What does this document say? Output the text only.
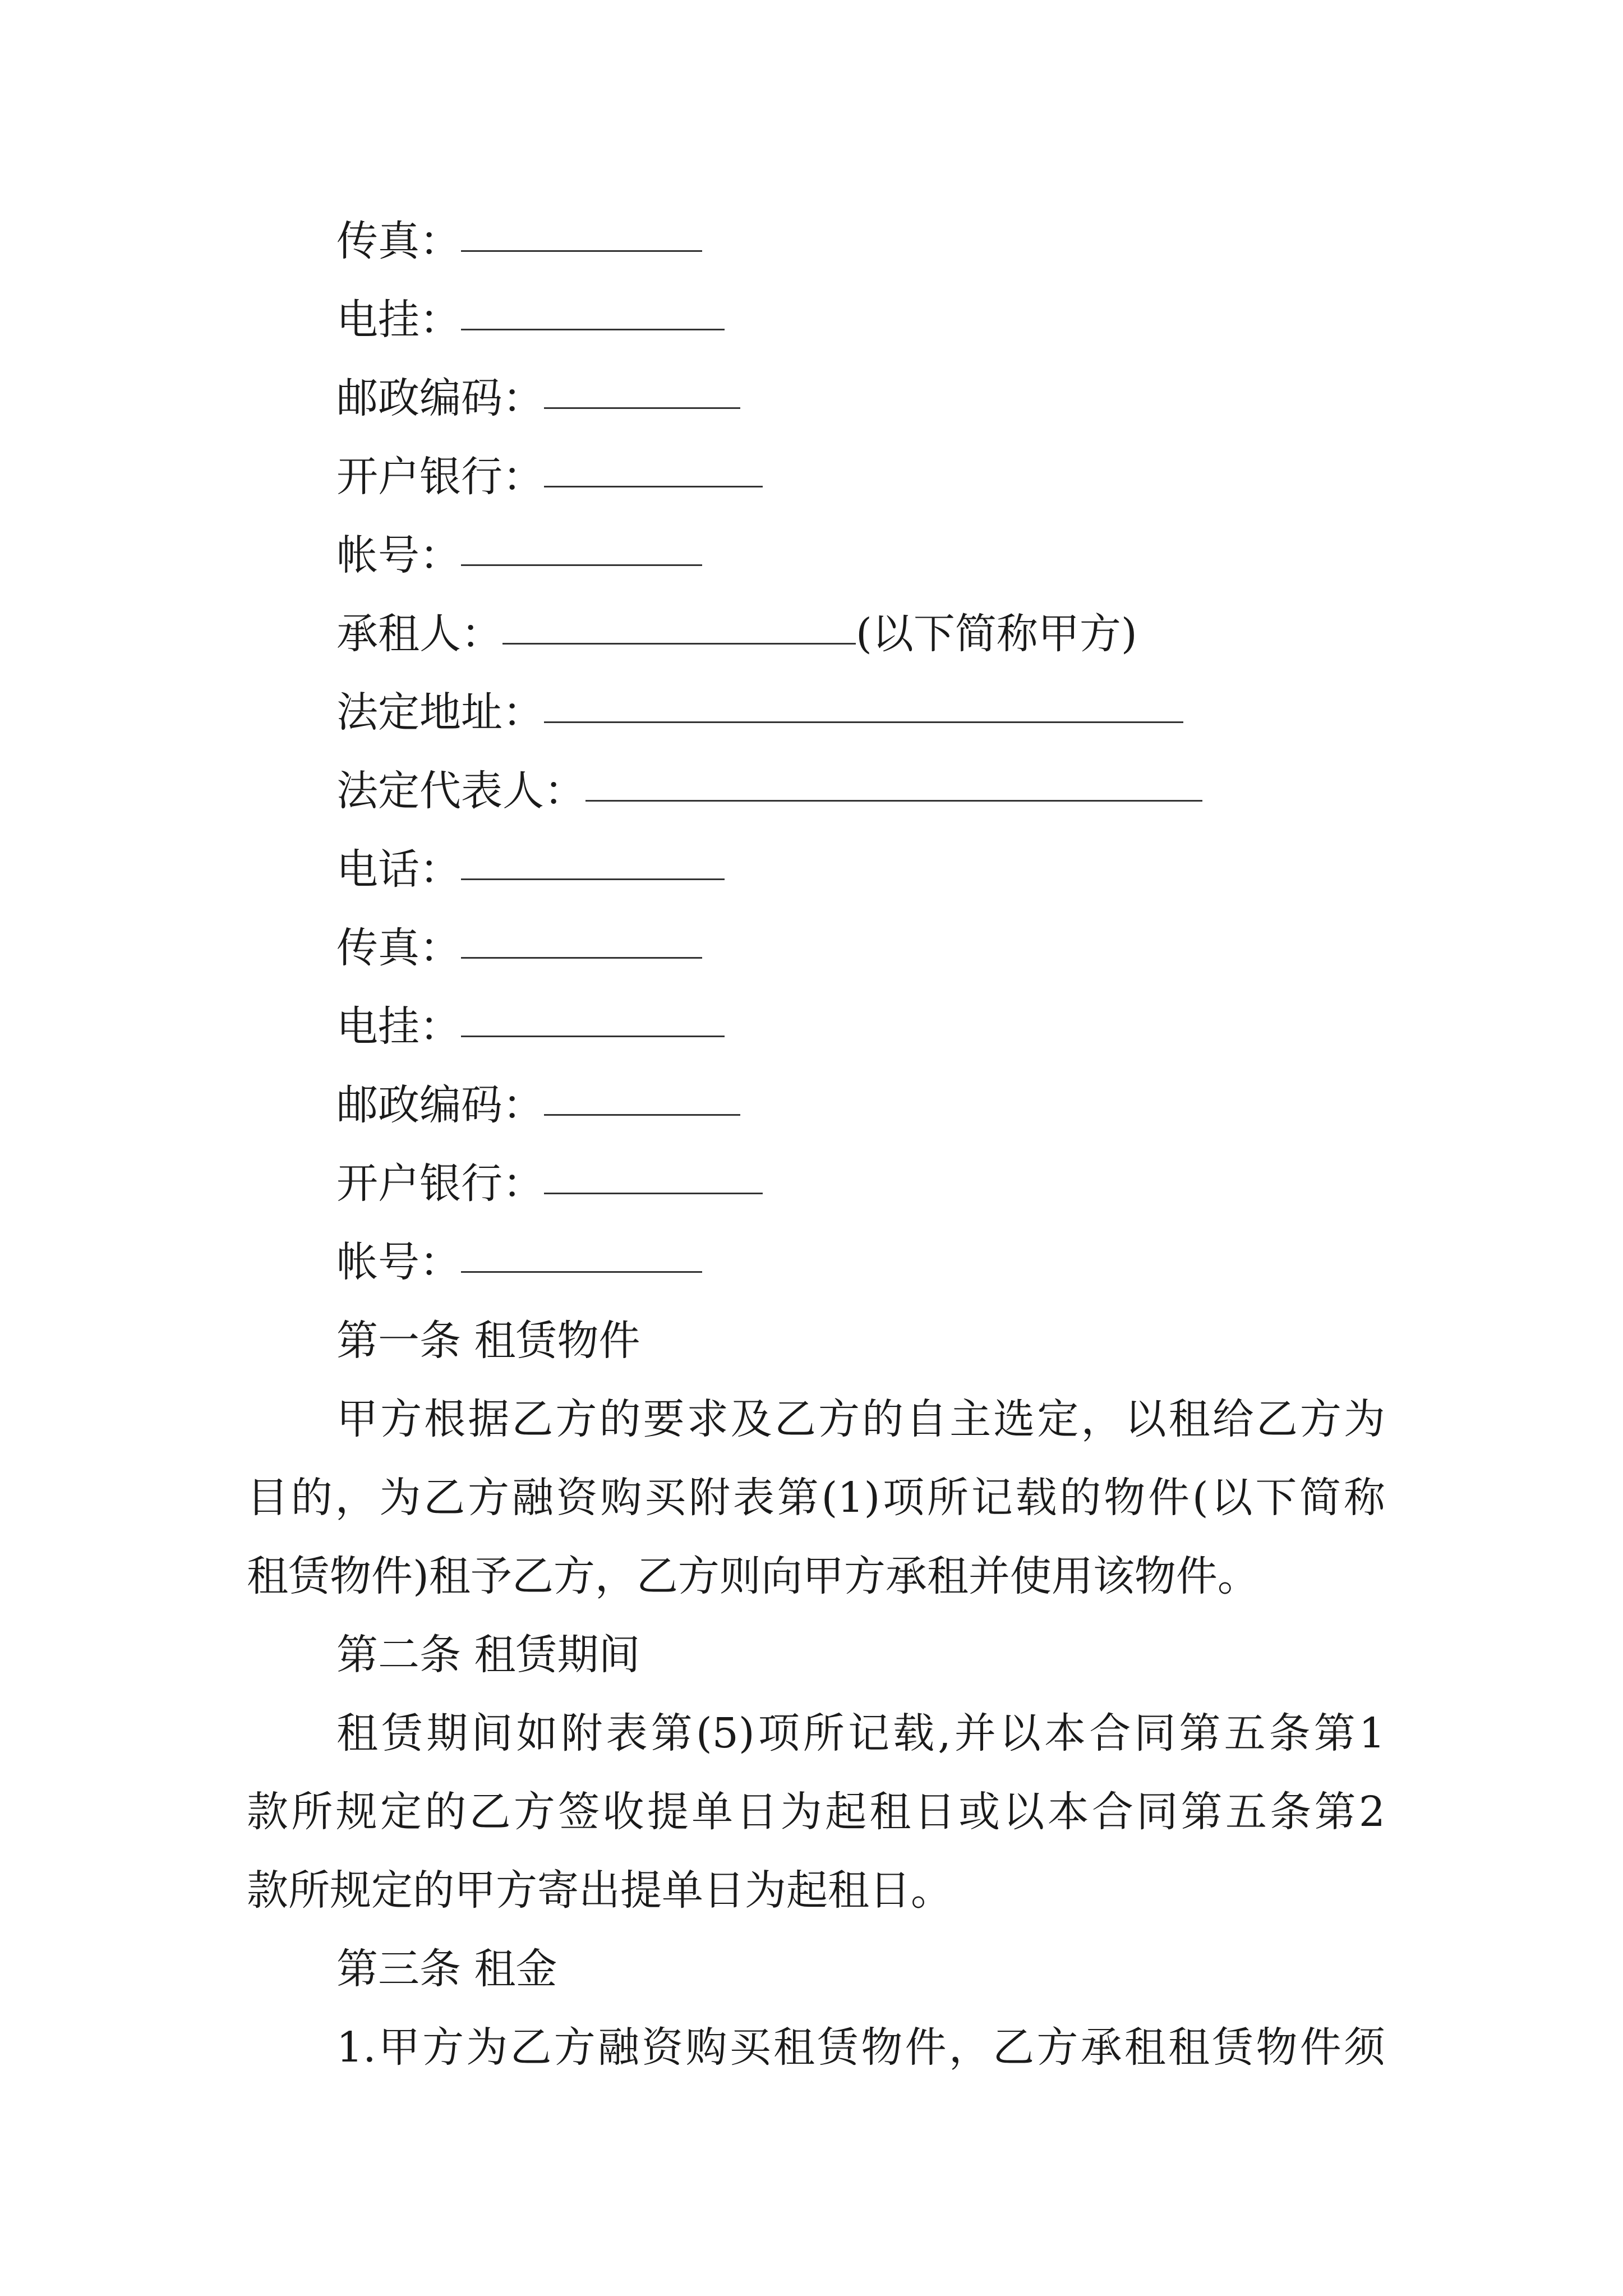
传真：
电挂：
邮政编码：
开户银行：
帐号：
承租人：	(以下简称甲方)
法定地址：
法定代表人：
电话：
传真：
电挂：
邮政编码：
开户银行：
帐号：
第一条 租赁物件
甲方根据乙方的要求及乙方的自主选定，以租给乙方为
目的，为乙方融资购买附表第(1)项所记载的物件(以下简称
租赁物件)租予乙方，乙方则向甲方承租并使用该物件。
第二条 租赁期间
租赁期间如附表第(5)项所记载,并以本合同第五条第1
款所规定的乙方签收提单日为起租日或以本合同第五条第2
款所规定的甲方寄出提单日为起租日。
第三条 租金
1.甲方为乙方融资购买租赁物件，乙方承租租赁物件须
